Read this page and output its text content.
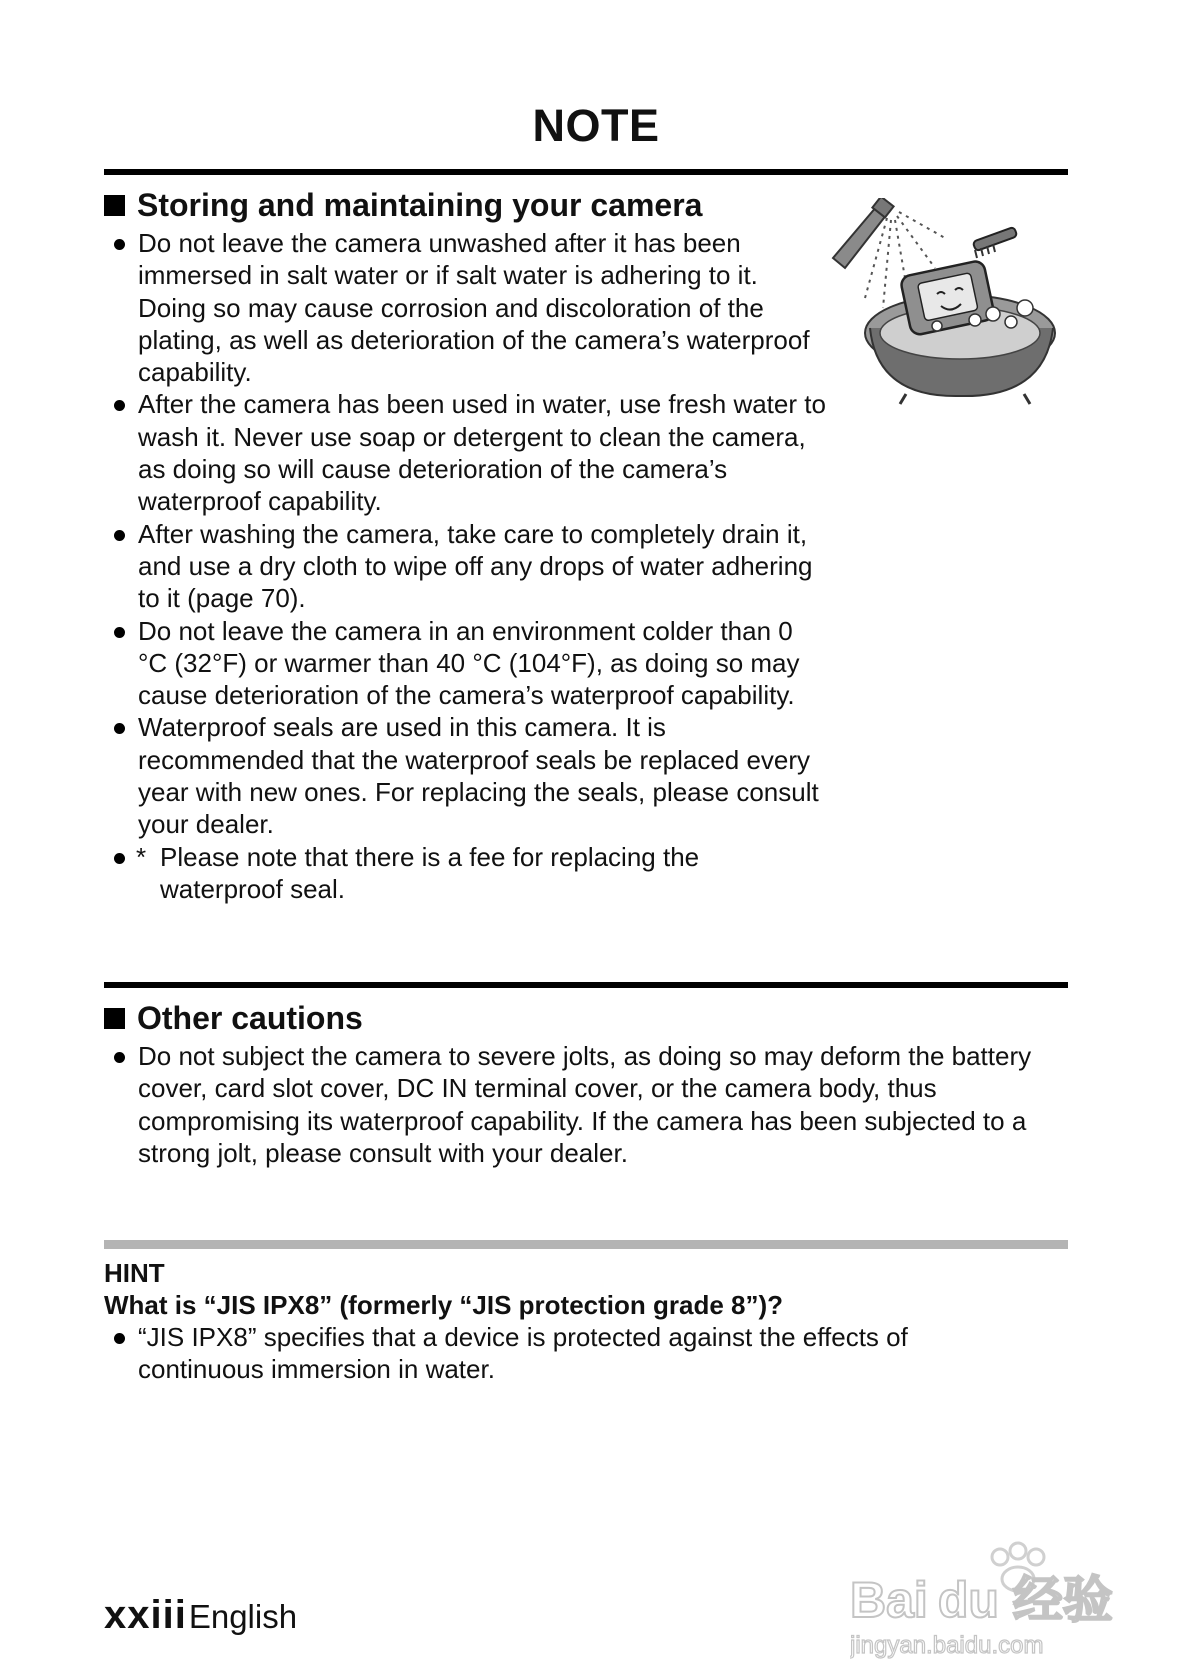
NOTE
Storing and maintaining your camera
Do not leave the camera unwashed after it has been immersed in salt water or if salt water is adhering to it. Doing so may cause corrosion and discoloration of the plating, as well as deterioration of the camera’s waterproof capability.
After the camera has been used in water, use fresh water to wash it. Never use soap or detergent to clean the camera, as doing so will cause deterioration of the camera’s waterproof capability.
After washing the camera, take care to completely drain it, and use a dry cloth to wipe off any drops of water adhering to it (page 70).
Do not leave the camera in an environment colder than 0 °C (32°F) or warmer than 40 °C (104°F), as doing so may cause deterioration of the camera’s waterproof capability.
Waterproof seals are used in this camera. It is recommended that the waterproof seals be replaced every year with new ones. For replacing the seals, please consult your dealer.
* Please note that there is a fee for replacing the waterproof seal.
Other cautions
Do not subject the camera to severe jolts, as doing so may deform the battery cover, card slot cover, DC IN terminal cover, or the camera body, thus compromising its waterproof capability. If the camera has been subjected to a strong jolt, please consult with your dealer.
HINT
What is “JIS IPX8” (formerly “JIS protection grade 8”)?
“JIS IPX8” specifies that a device is protected against the effects of continuous immersion in water.
xxiii English	Bai du 经验
jingyan.baidu.com
